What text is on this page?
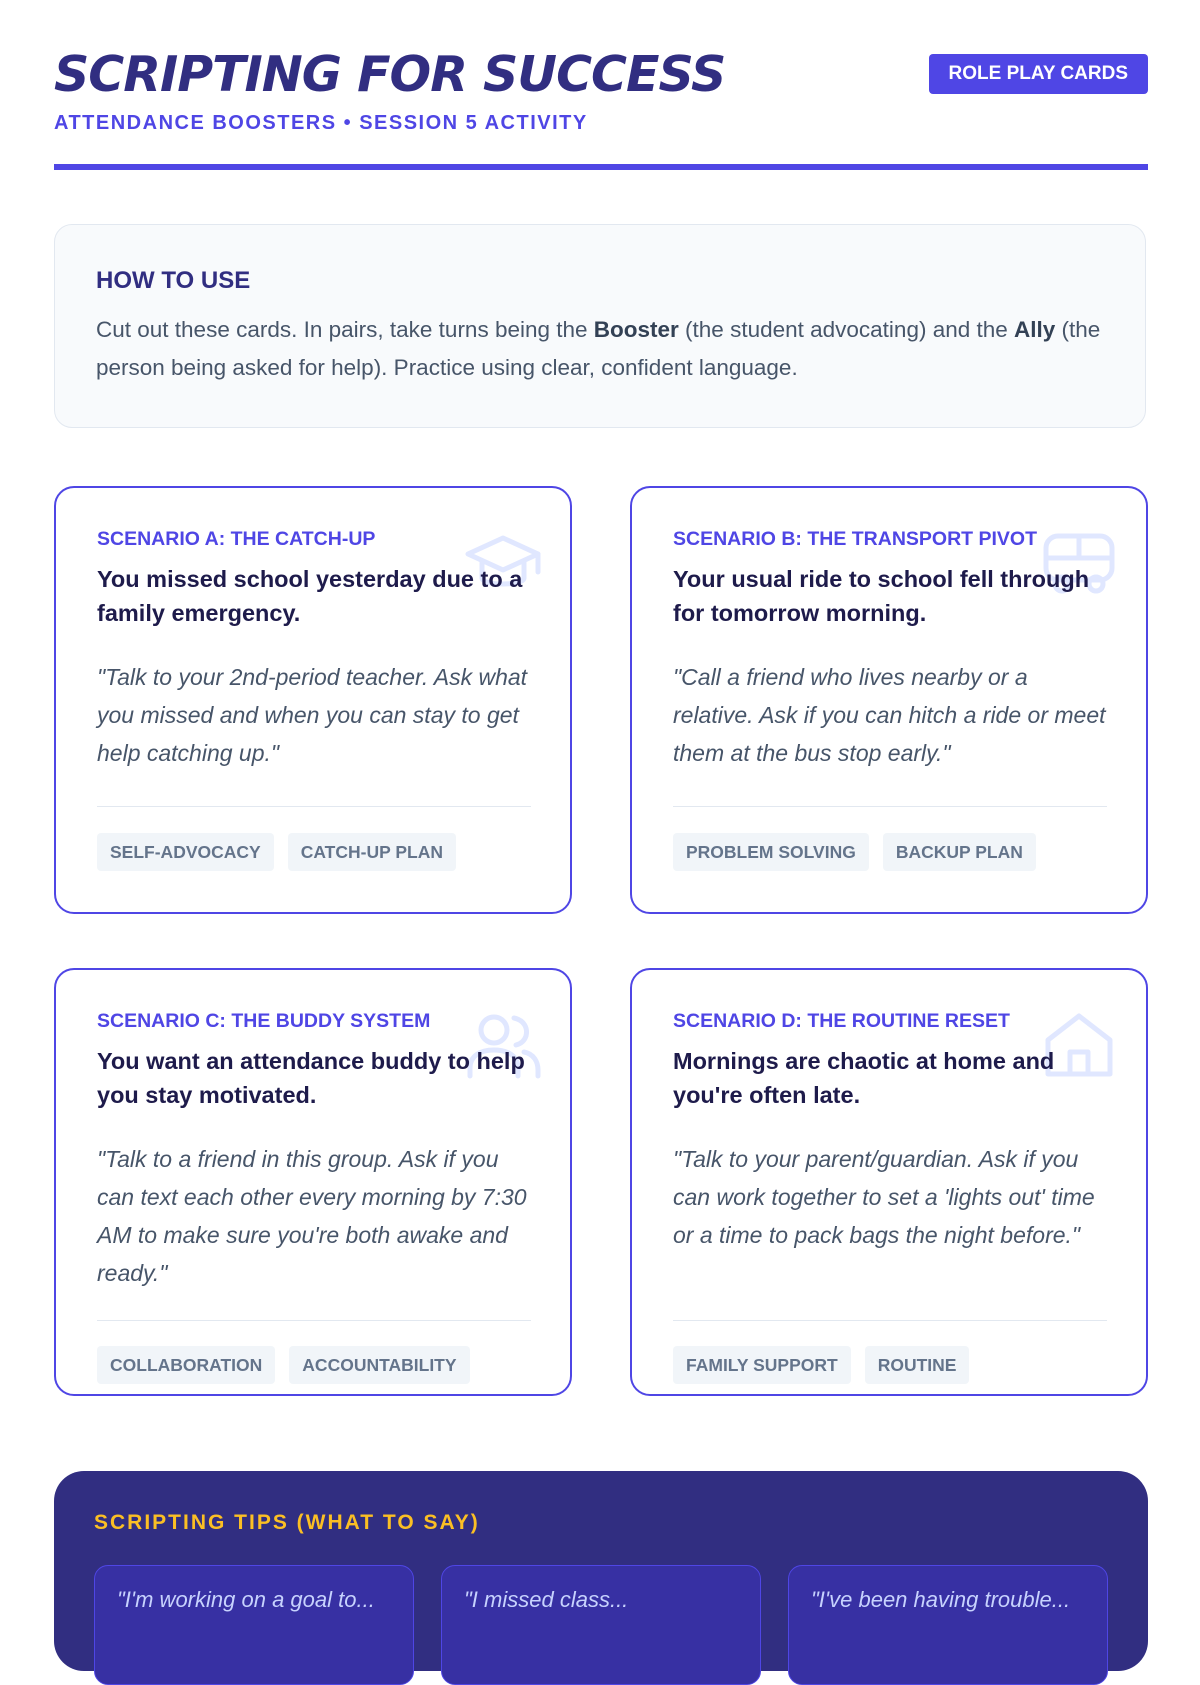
SCRIPTING FOR SUCCESS
ATTENDANCE BOOSTERS • SESSION 5 ACTIVITY
ROLE PLAY CARDS
HOW TO USE
Cut out these cards. In pairs, take turns being the Booster (the student advocating) and the Ally (the person being asked for help). Practice using clear, confident language.
SCENARIO A: THE CATCH-UP
You missed school yesterday due to a family emergency.
"Talk to your 2nd-period teacher. Ask what you missed and when you can stay to get help catching up."
SELF-ADVOCACY	CATCH-UP PLAN
SCENARIO B: THE TRANSPORT PIVOT
Your usual ride to school fell through for tomorrow morning.
"Call a friend who lives nearby or a relative. Ask if you can hitch a ride or meet them at the bus stop early."
PROBLEM SOLVING	BACKUP PLAN
SCENARIO C: THE BUDDY SYSTEM
You want an attendance buddy to help you stay motivated.
"Talk to a friend in this group. Ask if you can text each other every morning by 7:30 AM to make sure you're both awake and ready."
COLLABORATION	ACCOUNTABILITY
SCENARIO D: THE ROUTINE RESET
Mornings are chaotic at home and you're often late.
"Talk to your parent/guardian. Ask if you can work together to set a 'lights out' time or a time to pack bags the night before."
FAMILY SUPPORT	ROUTINE
SCRIPTING TIPS (WHAT TO SAY)
"I'm working on a goal to...	"I missed class...	"I've been having trouble...
